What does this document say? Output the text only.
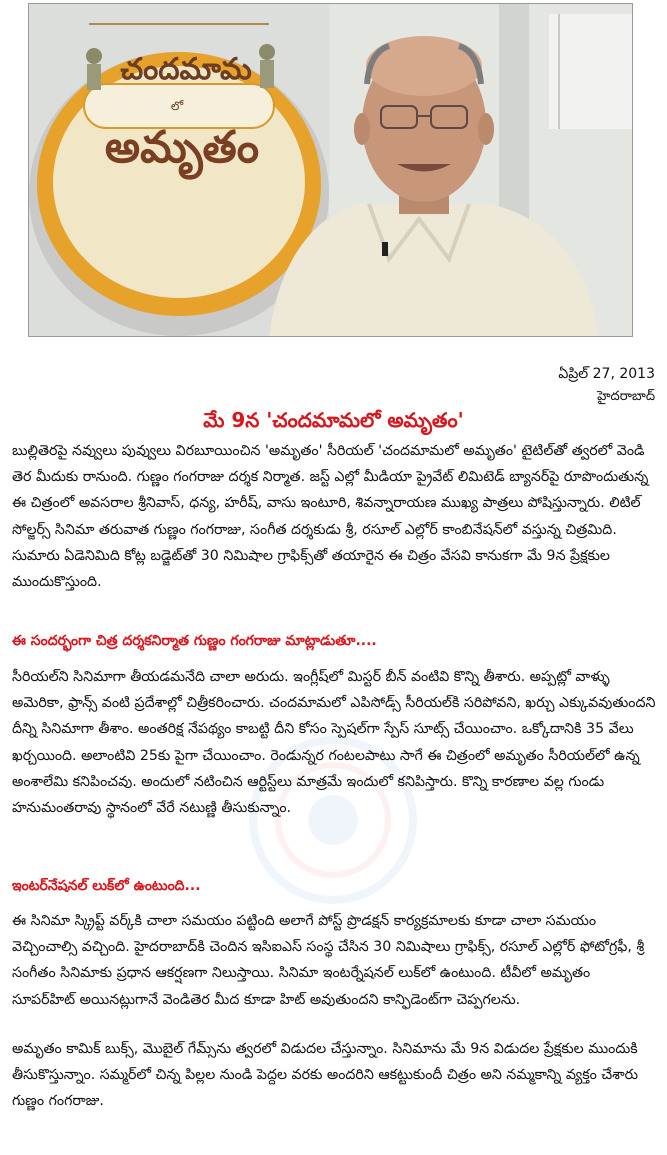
చందమామ
లో
అమృతం
ఏప్రిల్ 27, 2013
హైదరాబాద్
మే 9న 'చందమామలో అమృతం'

బుల్లితెరపై నవ్వులు పువ్వులు విరబూయించిన 'అమృతం' సీరియల్ 'చందమామలో అమృతం' టైటిల్‌తో త్వరలో వెండి తెర మీదుకు రానుంది. గుణ్ణం గంగరాజు దర్శక నిర్మాత. జస్ట్ ఎల్లో మీడియా ప్రైవేట్ లిమిటెడ్ బ్యానర్‌పై రూపొందుతున్న ఈ చిత్రంలో అవసరాల శ్రీనివాస్, ధన్య, హరీష్, వాసు ఇంటూరి, శివన్నారాయణ ముఖ్య పాత్రలు పోషిస్తున్నారు. లిటిల్ సోల్జర్స్ సినిమా తరువాత గుణ్ణం గంగరాజు, సంగీత దర్శకుడు శ్రీ, రసూల్ ఎల్లోర్ కాంబినేషన్‌లో వస్తున్న చిత్రమిది. సుమారు ఏడెనిమిది కోట్ల బడ్జెట్‌తో 30 నిమిషాల గ్రాఫిక్స్‌తో తయారైన ఈ చిత్రం వేసవి కానుకగా మే 9న ప్రేక్షకుల ముందుకొస్తుంది.

ఈ సందర్భంగా చిత్ర దర్శకనిర్మాత గుణ్ణం గంగరాజు మాట్లాడుతూ....

సీరియల్‌ని సినిమాగా తీయడమనేది చాలా అరుదు. ఇంగ్లీష్‌లో మిస్టర్ బీన్ వంటివి కొన్ని తీశారు. అప్పట్లో వాళ్ళు అమెరికా, ఫ్రాన్స్ వంటి ప్రదేశాల్లో చిత్రీకరించారు. చందమామలో ఎపిసోడ్స్ సీరియల్‌కి సరిపోవని, ఖర్చు ఎక్కువవుతుందని దీన్ని సినిమాగా తీశాం. అంతరిక్ష నేపథ్యం కాబట్టి దీని కోసం స్పెషల్‌గా స్పేస్ సూట్స్ చేయించాం. ఒక్కోదానికి 35 వేలు ఖర్చయింది. అలాంటివి 25కు పైగా చేయించాం. రెండున్నర గంటలపాటు సాగే ఈ చిత్రంలో అమృతం సీరియల్‌లో ఉన్న అంశాలేమి కనిపించవు. అందులో నటించిన ఆర్టిస్ట్‌లు మాత్రమే ఇందులో కనిపిస్తారు. కొన్ని కారణాల వల్ల గుండు హనుమంతరావు స్థానంలో వేరే నటుణ్ణి తీసుకున్నాం.

ఇంటర్‌నేషనల్ లుక్‌లో ఉంటుంది...

ఈ సినిమా స్క్రిప్ట్ వర్క్‌కి చాలా సమయం పట్టింది అలాగే పోస్ట్ ప్రొడక్షన్ కార్యక్రమాలకు కూడా చాలా సమయం వెచ్చించాల్సి వచ్చింది. హైదరాబాద్‌కి చెందిన ఇసిఐఎస్ సంస్థ చేసిన 30 నిమిషాలు గ్రాఫిక్స్, రసూల్ ఎల్లోర్ ఫోటోగ్రఫీ, శ్రీ సంగీతం సినిమాకు ప్రధాన ఆకర్షణగా నిలుస్తాయి. సినిమా ఇంటర్నేషనల్ లుక్‌లో ఉంటుంది. టీవీలో అమృతం సూపర్‌హిట్ అయినట్లుగానే వెండితెర మీద కూడా హిట్ అవుతుందని కాన్ఫిడెంట్‌గా చెప్పగలను.

అమృతం కామిక్ బుక్స్, మొబైల్ గేమ్స్‌ను త్వరలో విడుదల చేస్తున్నాం. సినిమాను మే 9న విడుదల ప్రేక్షకుల ముందుకి తీసుకొస్తున్నాం. సమ్మర్‌లో చిన్న పిల్లల నుండి పెద్దల వరకు అందరిని ఆకట్టుకుందీ చిత్రం అని నమ్మకాన్ని వ్యక్తం చేశారు గుణ్ణం గంగరాజు.
